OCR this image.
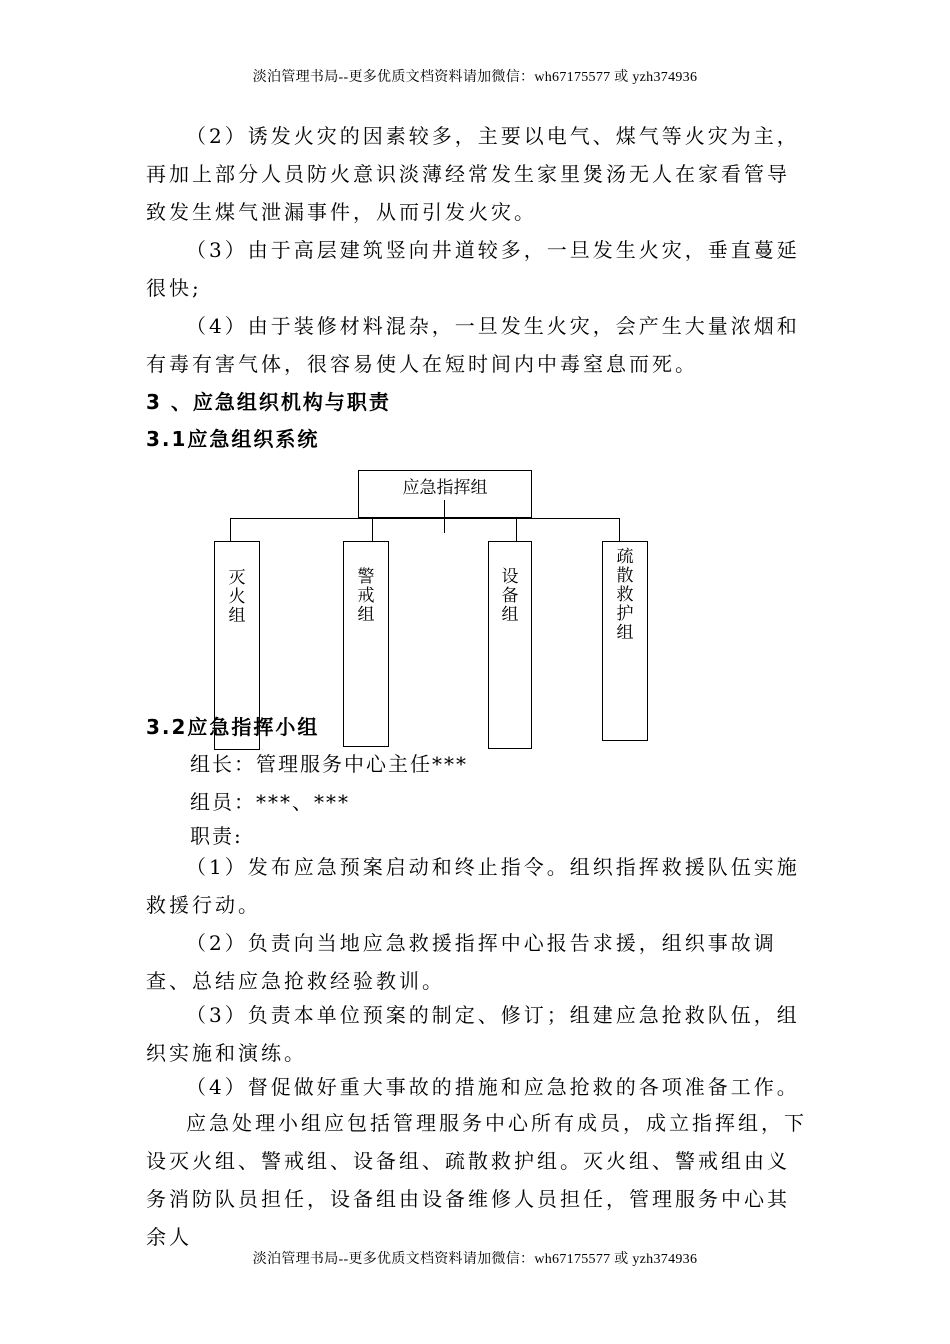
淡泊管理书局--更多优质文档资料请加微信：wh67175577 或 yzh374936
（2）诱发火灾的因素较多，主要以电气、煤气等火灾为主，再加上部分人员防火意识淡薄经常发生家里煲汤无人在家看管导致发生煤气泄漏事件，从而引发火灾。
（3）由于高层建筑竖向井道较多，一旦发生火灾，垂直蔓延很快;
（4）由于装修材料混杂，一旦发生火灾，会产生大量浓烟和有毒有害气体，很容易使人在短时间内中毒窒息而死。
3 、应急组织机构与职责
3.1应急组织系统
应急指挥组
灭
火
组
警
戒
组
设
备
组
疏
散
救
护
组
3.2应急指挥小组
组长：管理服务中心主任***
组员：***、***
职责:
（1）发布应急预案启动和终止指令。组织指挥救援队伍实施救援行动。
（2）负责向当地应急救援指挥中心报告求援，组织事故调查、总结应急抢救经验教训。
（3）负责本单位预案的制定、修订；组建应急抢救队伍，组织实施和演练。
（4）督促做好重大事故的措施和应急抢救的各项准备工作。
应急处理小组应包括管理服务中心所有成员，成立指挥组，下设灭火组、警戒组、设备组、疏散救护组。灭火组、警戒组由义务消防队员担任，设备组由设备维修人员担任，管理服务中心其余人
淡泊管理书局--更多优质文档资料请加微信：wh67175577 或 yzh374936
